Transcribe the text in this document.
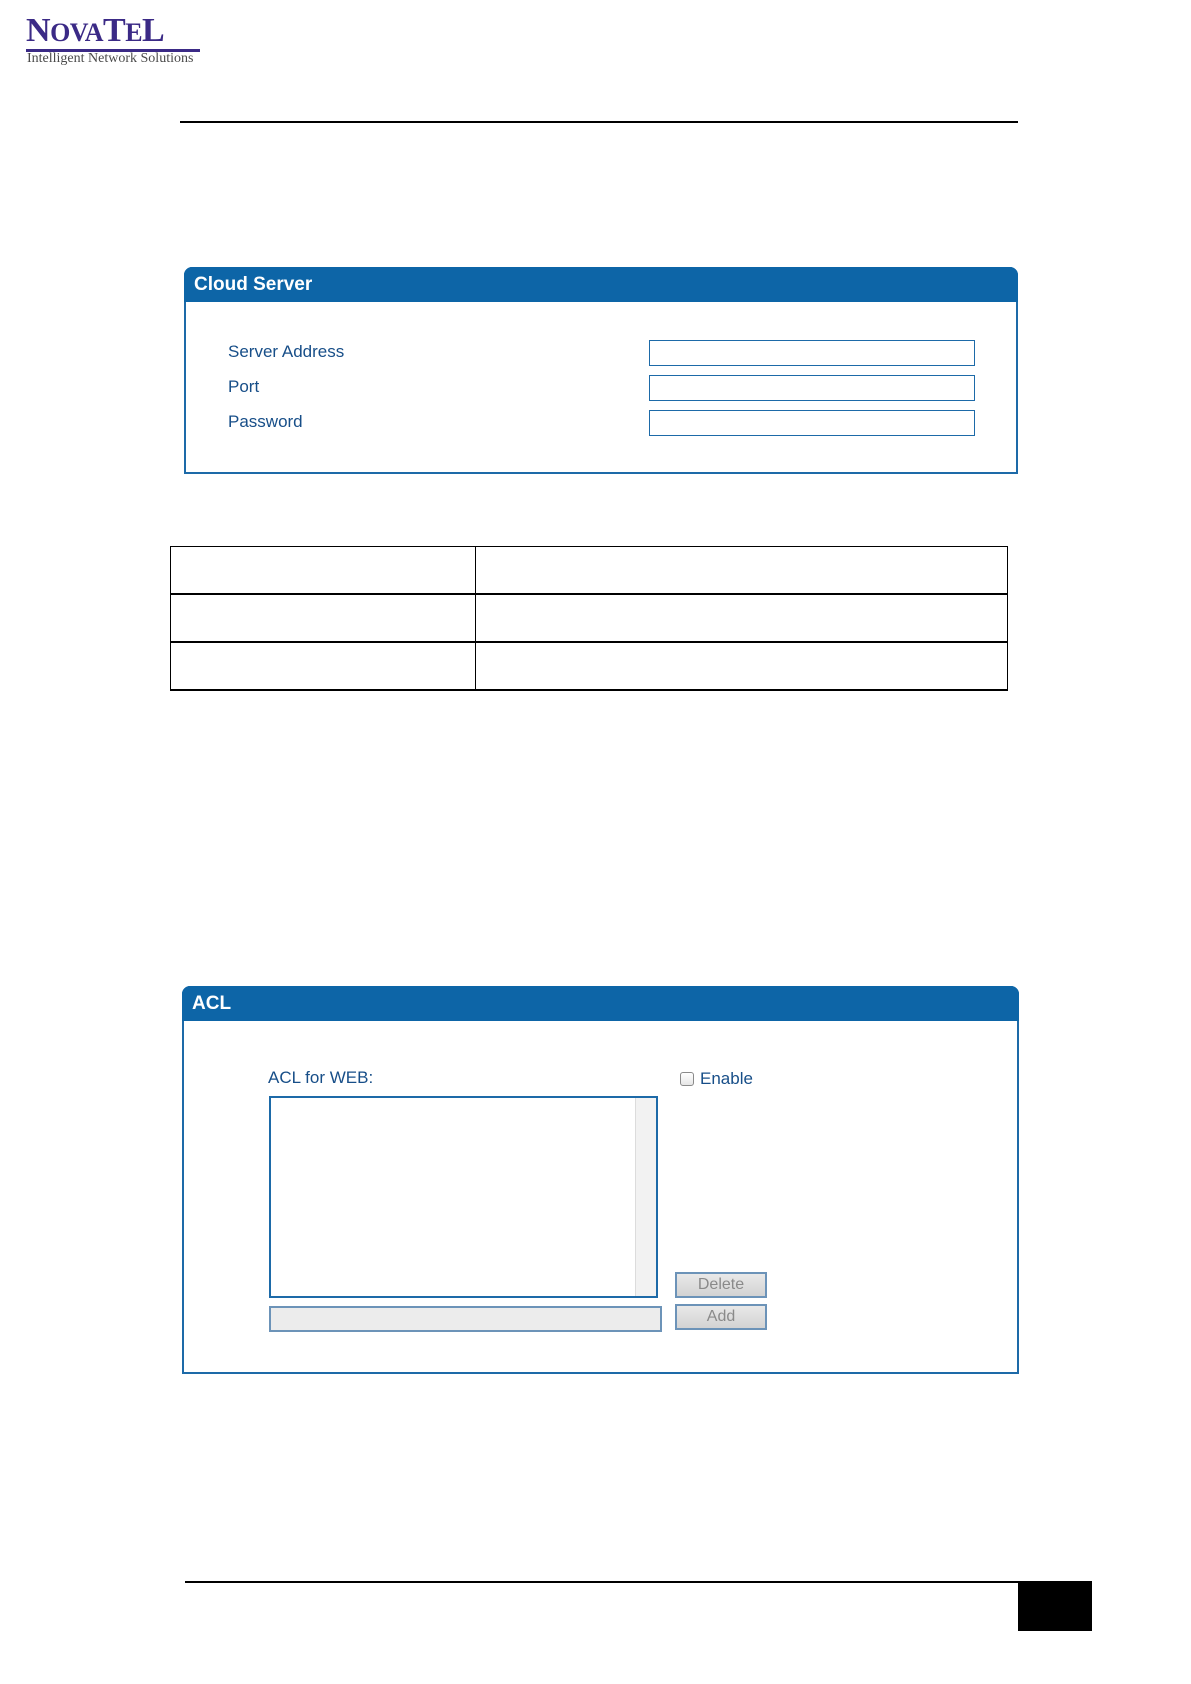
NOVATEL
Intelligent Network Solutions
Cloud Server
Server Address
Port
Password

ACL
ACL for WEB:	Enable
Delete
Add
